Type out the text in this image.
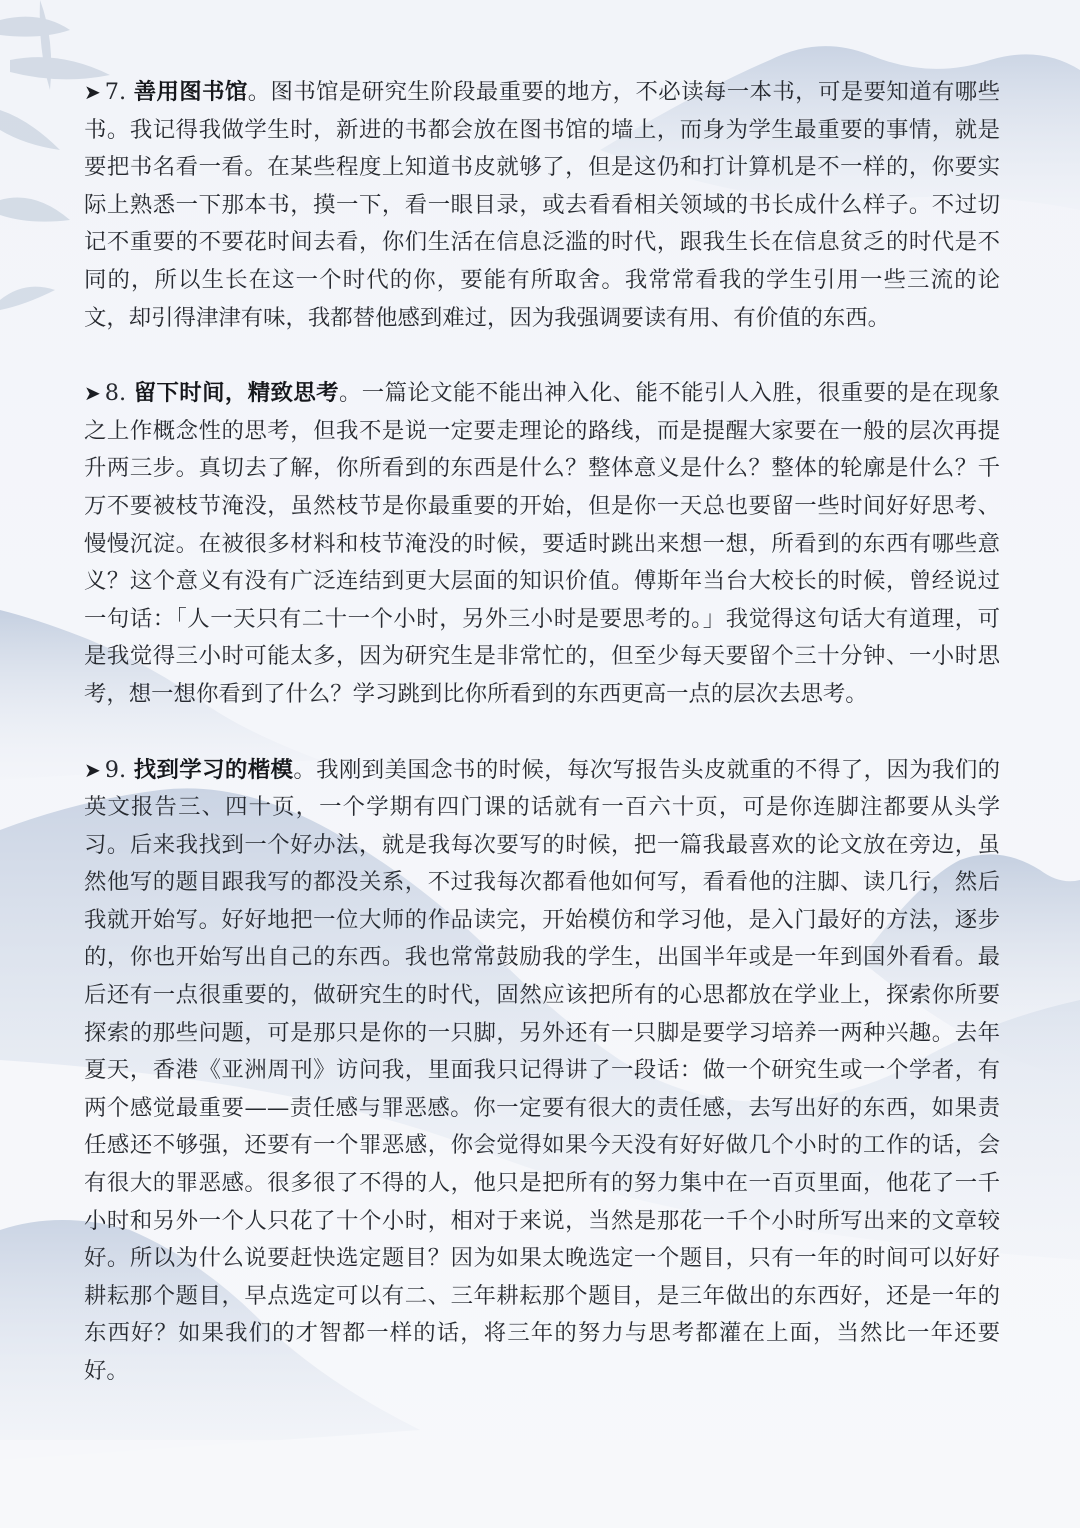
➤ 7. 善用图书馆。图书馆是研究生阶段最重要的地方，不必读每一本书，可是要知道有哪些书。我记得我做学生时，新进的书都会放在图书馆的墙上，而身为学生最重要的事情，就是要把书名看一看。在某些程度上知道书皮就够了，但是这仍和打计算机是不一样的，你要实际上熟悉一下那本书，摸一下，看一眼目录，或去看看相关领域的书长成什么样子。不过切记不重要的不要花时间去看，你们生活在信息泛滥的时代，跟我生长在信息贫乏的时代是不同的，所以生长在这一个时代的你，要能有所取舍。我常常看我的学生引用一些三流的论文，却引得津津有味，我都替他感到难过，因为我强调要读有用、有价值的东西。

➤ 8. 留下时间，精致思考。一篇论文能不能出神入化、能不能引人入胜，很重要的是在现象之上作概念性的思考，但我不是说一定要走理论的路线，而是提醒大家要在一般的层次再提升两三步。真切去了解，你所看到的东西是什么？整体意义是什么？整体的轮廓是什么？千万不要被枝节淹没，虽然枝节是你最重要的开始，但是你一天总也要留一些时间好好思考、慢慢沉淀。在被很多材料和枝节淹没的时候，要适时跳出来想一想，所看到的东西有哪些意义？这个意义有没有广泛连结到更大层面的知识价值。傅斯年当台大校长的时候，曾经说过一句话：「人一天只有二十一个小时，另外三小时是要思考的。」我觉得这句话大有道理，可是我觉得三小时可能太多，因为研究生是非常忙的，但至少每天要留个三十分钟、一小时思考，想一想你看到了什么？学习跳到比你所看到的东西更高一点的层次去思考。

➤ 9. 找到学习的楷模。我刚到美国念书的时候，每次写报告头皮就重的不得了，因为我们的英文报告三、四十页，一个学期有四门课的话就有一百六十页，可是你连脚注都要从头学习。后来我找到一个好办法，就是我每次要写的时候，把一篇我最喜欢的论文放在旁边，虽然他写的题目跟我写的都没关系，不过我每次都看他如何写，看看他的注脚、读几行，然后我就开始写。好好地把一位大师的作品读完，开始模仿和学习他，是入门最好的方法，逐步的，你也开始写出自己的东西。我也常常鼓励我的学生，出国半年或是一年到国外看看。最后还有一点很重要的，做研究生的时代，固然应该把所有的心思都放在学业上，探索你所要探索的那些问题，可是那只是你的一只脚，另外还有一只脚是要学习培养一两种兴趣。去年夏天，香港《亚洲周刊》访问我，里面我只记得讲了一段话：做一个研究生或一个学者，有两个感觉最重要——责任感与罪恶感。你一定要有很大的责任感，去写出好的东西，如果责任感还不够强，还要有一个罪恶感，你会觉得如果今天没有好好做几个小时的工作的话，会有很大的罪恶感。很多很了不得的人，他只是把所有的努力集中在一百页里面，他花了一千小时和另外一个人只花了十个小时，相对于来说，当然是那花一千个小时所写出来的文章较好。所以为什么说要赶快选定题目？因为如果太晚选定一个题目，只有一年的时间可以好好耕耘那个题目，早点选定可以有二、三年耕耘那个题目，是三年做出的东西好，还是一年的东西好？如果我们的才智都一样的话，将三年的努力与思考都灌在上面，当然比一年还要好。
